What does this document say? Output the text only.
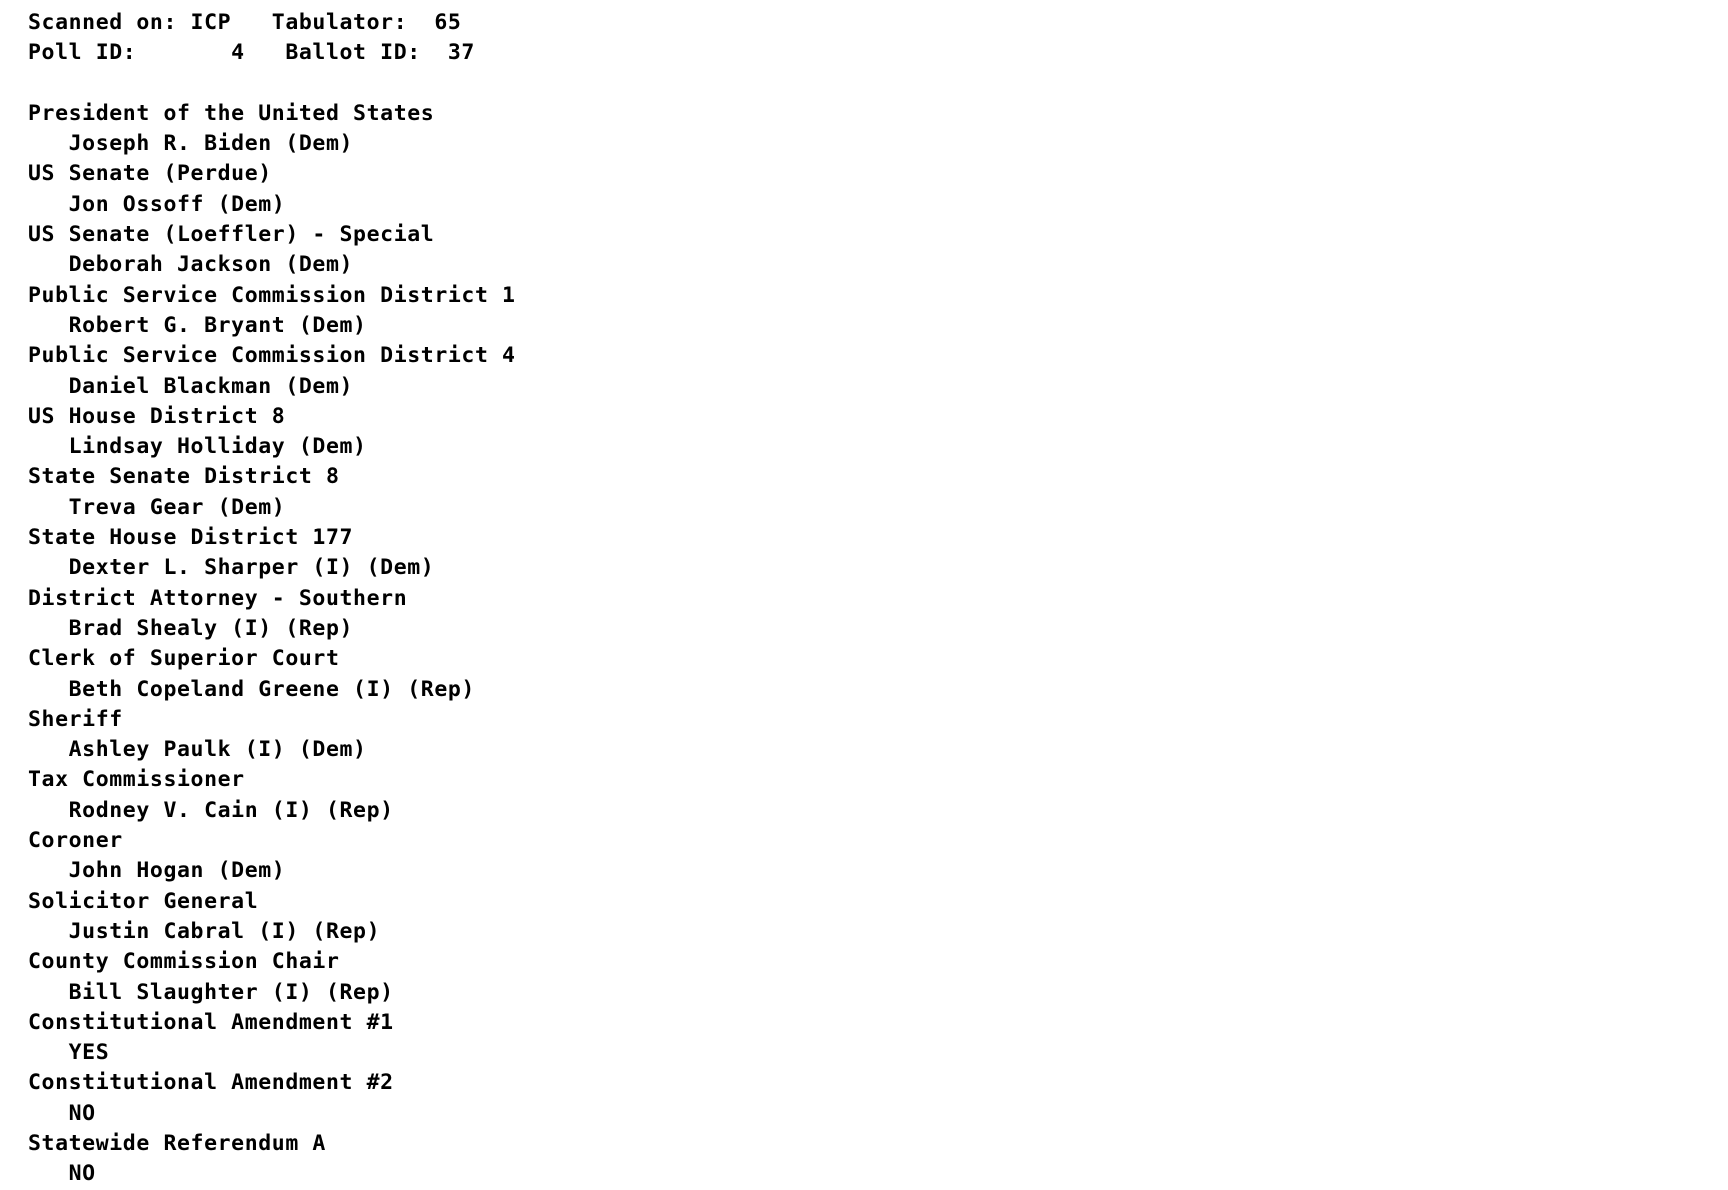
Scanned on: ICP   Tabulator:  65
Poll ID:       4   Ballot ID:  37
President of the United States
Joseph R. Biden (Dem)
US Senate (Perdue)
Jon Ossoff (Dem)
US Senate (Loeffler) - Special
Deborah Jackson (Dem)
Public Service Commission District 1
Robert G. Bryant (Dem)
Public Service Commission District 4
Daniel Blackman (Dem)
US House District 8
Lindsay Holliday (Dem)
State Senate District 8
Treva Gear (Dem)
State House District 177
Dexter L. Sharper (I) (Dem)
District Attorney - Southern
Brad Shealy (I) (Rep)
Clerk of Superior Court
Beth Copeland Greene (I) (Rep)
Sheriff
Ashley Paulk (I) (Dem)
Tax Commissioner
Rodney V. Cain (I) (Rep)
Coroner
John Hogan (Dem)
Solicitor General
Justin Cabral (I) (Rep)
County Commission Chair
Bill Slaughter (I) (Rep)
Constitutional Amendment #1
YES
Constitutional Amendment #2
NO
Statewide Referendum A
NO
